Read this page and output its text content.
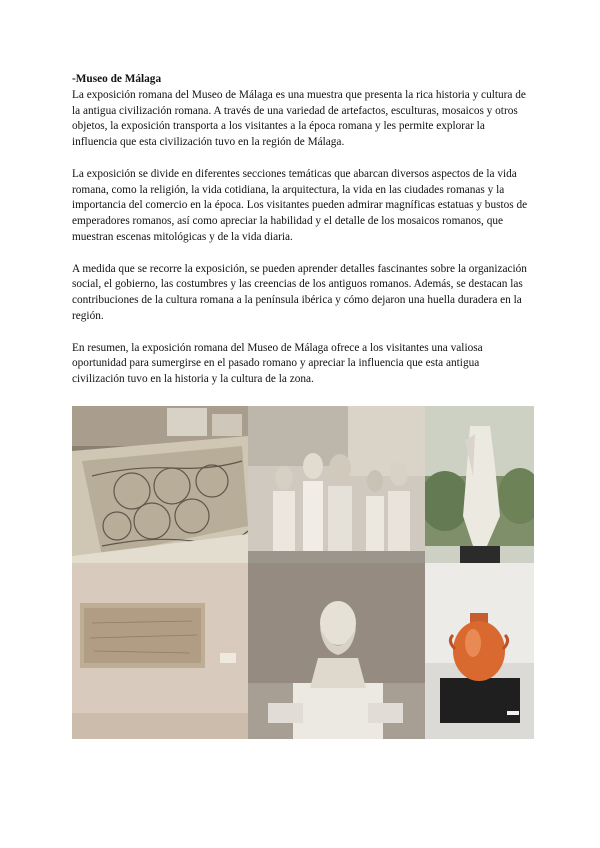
-Museo de Málaga

La exposición romana del Museo de Málaga es una muestra que presenta la rica historia y cultura de la antigua civilización romana. A través de una variedad de artefactos, esculturas, mosaicos y otros objetos, la exposición transporta a los visitantes a la época romana y les permite explorar la influencia que esta civilización tuvo en la región de Málaga.

La exposición se divide en diferentes secciones temáticas que abarcan diversos aspectos de la vida romana, como la religión, la vida cotidiana, la arquitectura, la vida en las ciudades romanas y la importancia del comercio en la época. Los visitantes pueden admirar magníficas estatuas y bustos de emperadores romanos, así como apreciar la habilidad y el detalle de los mosaicos romanos, que muestran escenas mitológicas y de la vida diaria.

A medida que se recorre la exposición, se pueden aprender detalles fascinantes sobre la organización social, el gobierno, las costumbres y las creencias de los antiguos romanos. Además, se destacan las contribuciones de la cultura romana a la península ibérica y cómo dejaron una huella duradera en la región.

En resumen, la exposición romana del Museo de Málaga ofrece a los visitantes una valiosa oportunidad para sumergirse en el pasado romano y apreciar la influencia que esta antigua civilización tuvo en la historia y la cultura de la zona.
